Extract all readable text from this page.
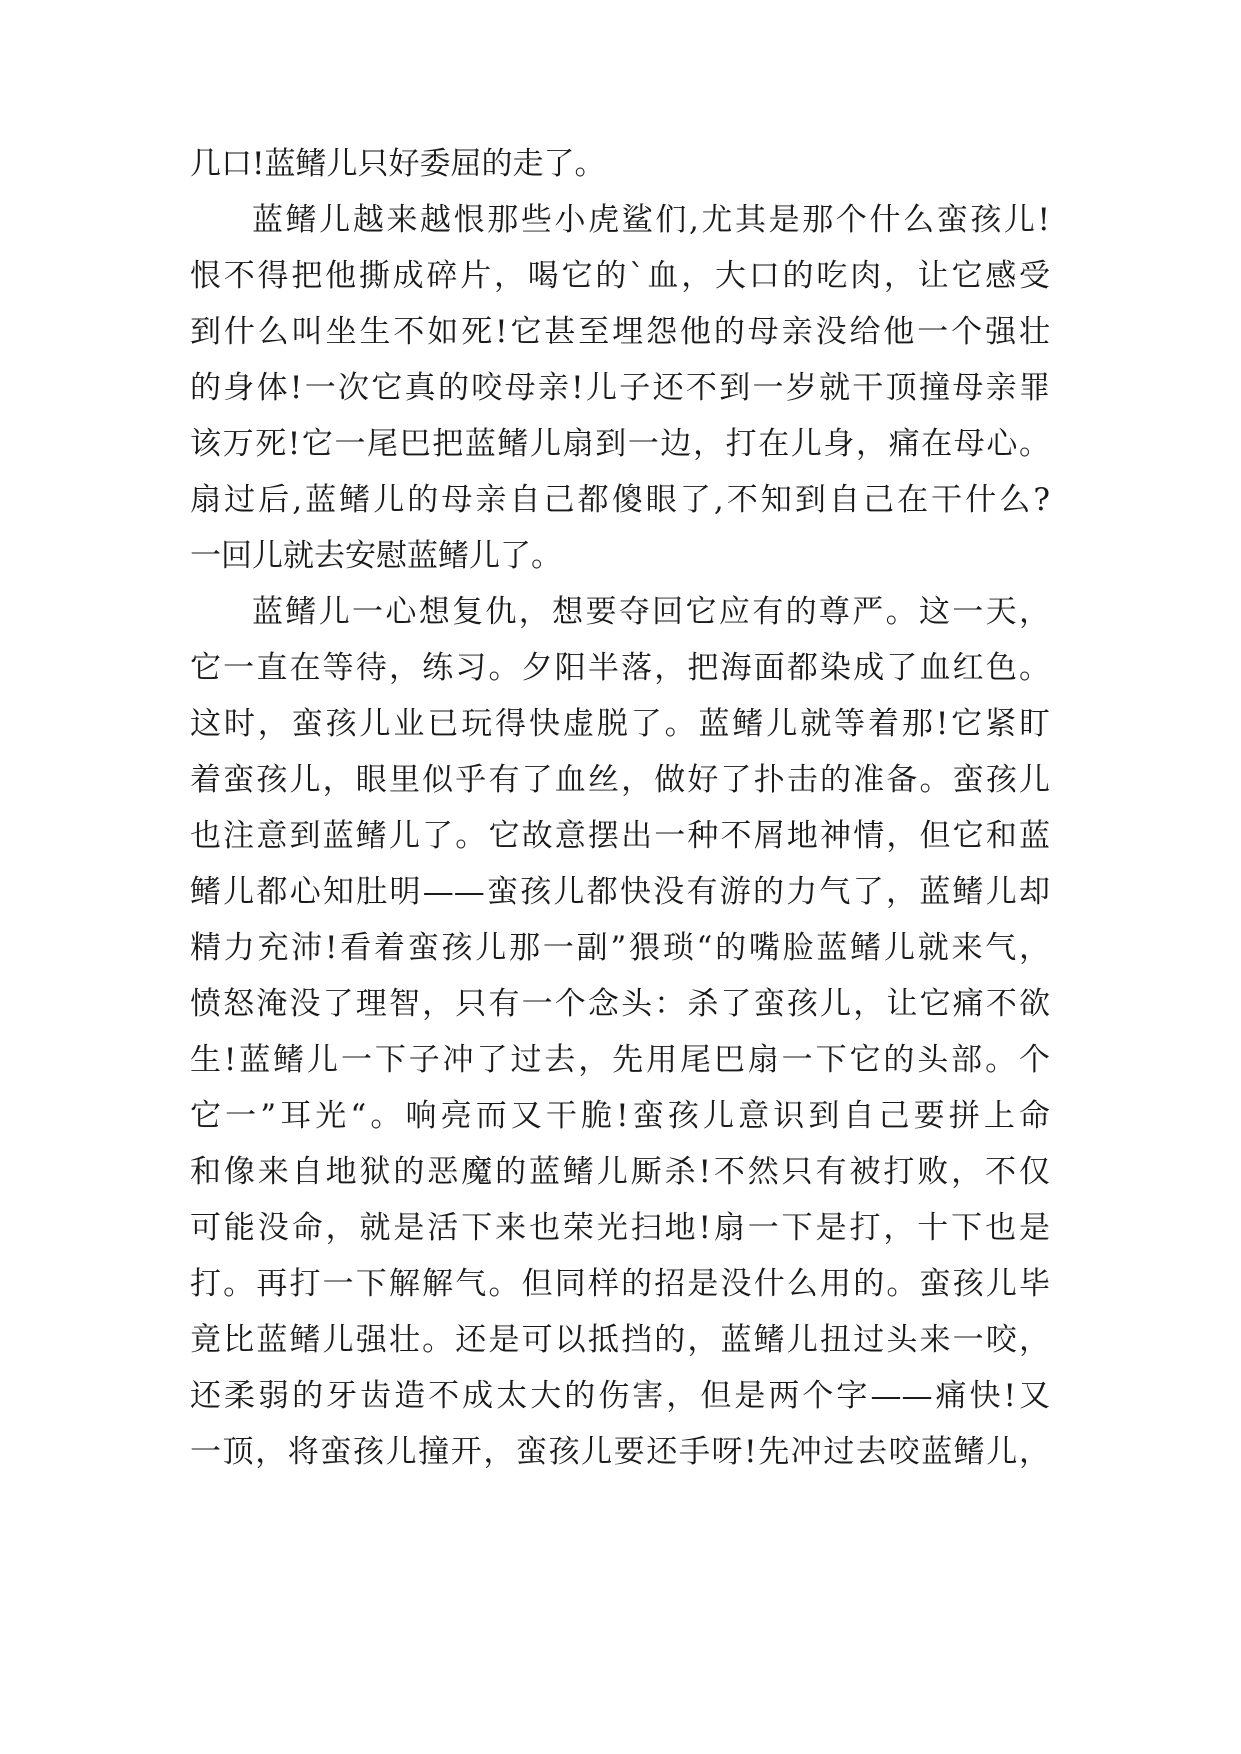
几口!蓝鳍儿只好委屈的走了。
蓝鳍儿越来越恨那些小虎鲨们,尤其是那个什么蛮孩儿!
恨不得把他撕成碎片，喝它的`血，大口的吃肉，让它感受
到什么叫坐生不如死!它甚至埋怨他的母亲没给他一个强壮
的身体!一次它真的咬母亲!儿子还不到一岁就干顶撞母亲罪
该万死!它一尾巴把蓝鳍儿扇到一边，打在儿身，痛在母心。
扇过后,蓝鳍儿的母亲自己都傻眼了,不知到自己在干什么?
一回儿就去安慰蓝鳍儿了。
蓝鳍儿一心想复仇，想要夺回它应有的尊严。这一天，
它一直在等待，练习。夕阳半落，把海面都染成了血红色。
这时，蛮孩儿业已玩得快虚脱了。蓝鳍儿就等着那!它紧盯
着蛮孩儿，眼里似乎有了血丝，做好了扑击的准备。蛮孩儿
也注意到蓝鳍儿了。它故意摆出一种不屑地神情，但它和蓝
鳍儿都心知肚明——蛮孩儿都快没有游的力气了，蓝鳍儿却
精力充沛!看着蛮孩儿那一副”猥琐“的嘴脸蓝鳍儿就来气，
愤怒淹没了理智，只有一个念头：杀了蛮孩儿，让它痛不欲
生!蓝鳍儿一下子冲了过去，先用尾巴扇一下它的头部。个
它一”耳光“。响亮而又干脆!蛮孩儿意识到自己要拼上命
和像来自地狱的恶魔的蓝鳍儿厮杀!不然只有被打败，不仅
可能没命，就是活下来也荣光扫地!扇一下是打，十下也是
打。再打一下解解气。但同样的招是没什么用的。蛮孩儿毕
竟比蓝鳍儿强壮。还是可以抵挡的，蓝鳍儿扭过头来一咬，
还柔弱的牙齿造不成太大的伤害，但是两个字——痛快!又
一顶，将蛮孩儿撞开，蛮孩儿要还手呀!先冲过去咬蓝鳍儿，
